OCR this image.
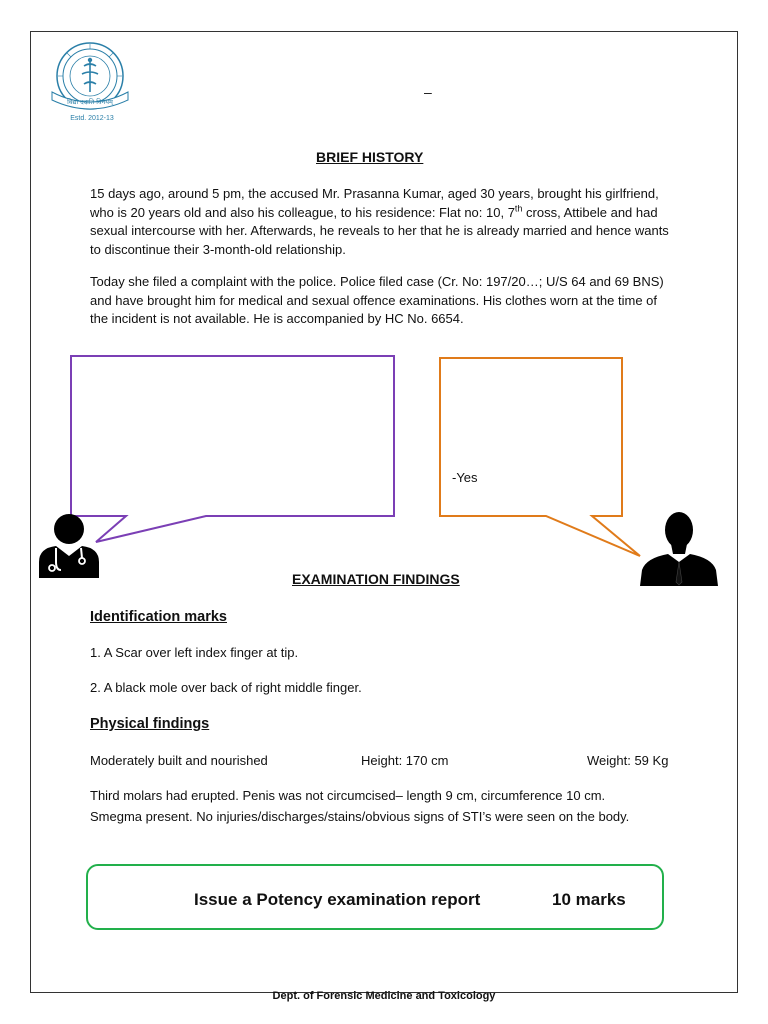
विद्या ददाति विनयम्
Estd. 2012-13
–
BRIEF HISTORY

15 days ago, around 5 pm, the accused Mr. Prasanna Kumar, aged 30 years, brought his girlfriend, who is 20 years old and also his colleague, to his residence: Flat no: 10, 7th cross, Attibele and had sexual intercourse with her. Afterwards, he reveals to her that he is already married and hence wants to discontinue their 3-month-old relationship.

Today she filed a complaint with the police. Police filed case (Cr. No: 197/20…; U/S 64 and 69 BNS) and have brought him for medical and sexual offence examinations. His clothes worn at the time of the incident is not available. He is accompanied by HC No. 6654.

-Yes
EXAMINATION FINDINGS
Identification marks
1. A Scar over left index finger at tip.
2. A black mole over back of right middle finger.
Physical findings
Moderately built and nourished	Height: 170 cm	Weight: 59 Kg
Third molars had erupted. Penis was not circumcised– length 9 cm, circumference 10 cm.
Smegma present. No injuries/discharges/stains/obvious signs of STI’s were seen on the body.
Issue a Potency examination report	10 marks
Dept. of Forensic Medicine and Toxicology
